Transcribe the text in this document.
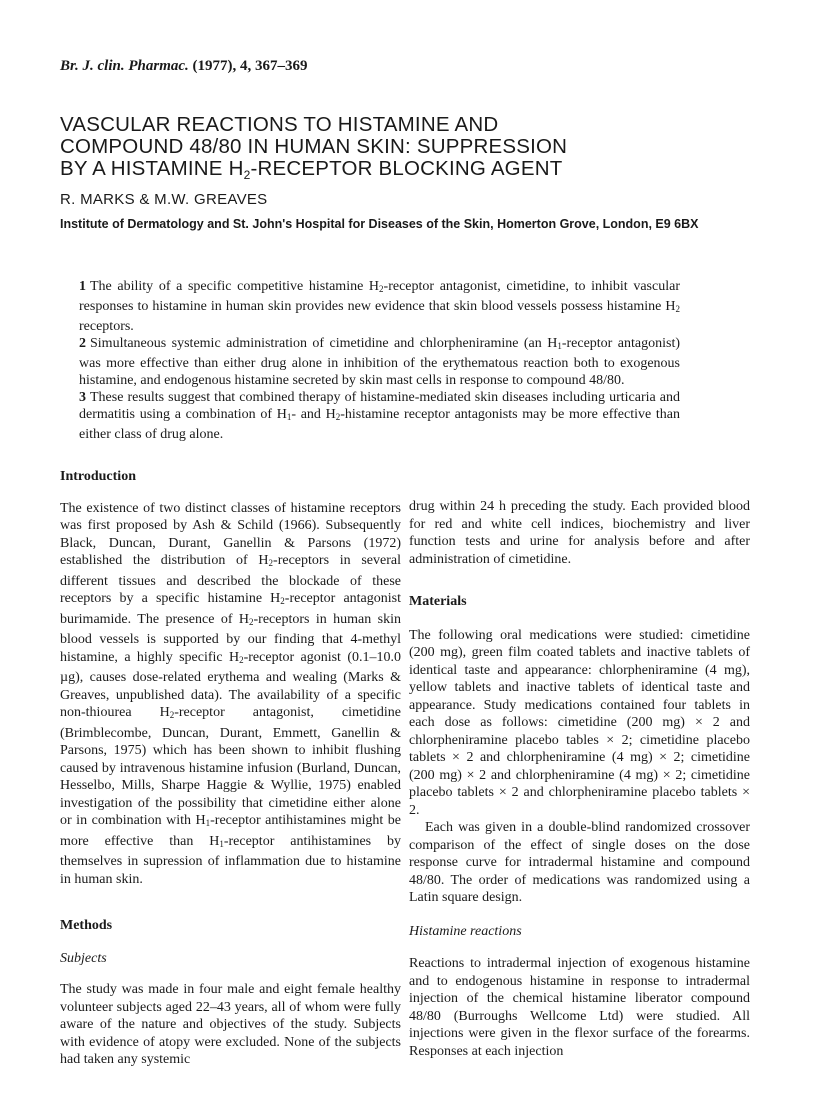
Br. J. clin. Pharmac. (1977), 4, 367–369
VASCULAR REACTIONS TO HISTAMINE AND
COMPOUND 48/80 IN HUMAN SKIN: SUPPRESSION
BY A HISTAMINE H2-RECEPTOR BLOCKING AGENT
R. MARKS & M.W. GREAVES
Institute of Dermatology and St. John's Hospital for Diseases of the Skin, Homerton Grove, London, E9 6BX

1 The ability of a specific competitive histamine $H_2$-receptor antagonist, cimetidine, to inhibit vascular responses to histamine in human skin provides new evidence that skin blood vessels possess histamine $H_2$ receptors.

2 Simultaneous systemic administration of cimetidine and chlorpheniramine (an $H_1$-receptor antagonist) was more effective than either drug alone in inhibition of the erythematous reaction both to exogenous histamine, and endogenous histamine secreted by skin mast cells in response to compound 48/80.

3 These results suggest that combined therapy of histamine-mediated skin diseases including urticaria and dermatitis using a combination of $H_1-$ and $H_2$-histamine receptor antagonists may be more effective than either class of drug alone.

Introduction

The existence of two distinct classes of histamine receptors was first proposed by Ash & Schild (1966). Subsequently Black, Duncan, Durant, Ganellin & Parsons (1972) established the distribution of $H_2$-receptors in several different tissues and described the blockade of these receptors by a specific histamine $H_2$-receptor antagonist burimamide. The presence of $H_2$-receptors in human skin blood vessels is supported by our finding that 4-methyl histamine, a highly specific $H_2$-receptor agonist (0.1–10.0 µg), causes dose-related erythema and wealing (Marks & Greaves, unpublished data). The availability of a specific non-thiourea $H_2$-receptor antagonist, cimetidine (Brimblecombe, Duncan, Durant, Emmett, Ganellin & Parsons, 1975) which has been shown to inhibit flushing caused by intravenous histamine infusion (Burland, Duncan, Hesselbo, Mills, Sharpe Haggie & Wyllie, 1975) enabled investigation of the possibility that cimetidine either alone or in combination with $H_1$-receptor antihistamines might be more effective than $H_1$-receptor antihistamines by themselves in supression of inflammation due to histamine in human skin.

Methods

Subjects

The study was made in four male and eight female healthy volunteer subjects aged 22–43 years, all of whom were fully aware of the nature and objectives of the study. Subjects with evidence of atopy were excluded. None of the subjects had taken any systemic

drug within 24 h preceding the study. Each provided blood for red and white cell indices, biochemistry and liver function tests and urine for analysis before and after administration of cimetidine.

Materials

The following oral medications were studied: cimetidine (200 mg), green film coated tablets and inactive tablets of identical taste and appearance: chlorpheniramine (4 mg), yellow tablets and inactive tablets of identical taste and appearance. Study medications contained four tablets in each dose as follows: cimetidine (200 mg) × 2 and chlorpheniramine placebo tables × 2; cimetidine placebo tablets × 2 and chlorpheniramine (4 mg) × 2; cimetidine (200 mg) × 2 and chlorpheniramine (4 mg) × 2; cimetidine placebo tablets × 2 and chlorpheniramine placebo tablets × 2.

Each was given in a double-blind randomized crossover comparison of the effect of single doses on the dose response curve for intradermal histamine and compound 48/80. The order of medications was randomized using a Latin square design.

Histamine reactions

Reactions to intradermal injection of exogenous histamine and to endogenous histamine in response to intradermal injection of the chemical histamine liberator compound 48/80 (Burroughs Wellcome Ltd) were studied. All injections were given in the flexor surface of the forearms. Responses at each injection
